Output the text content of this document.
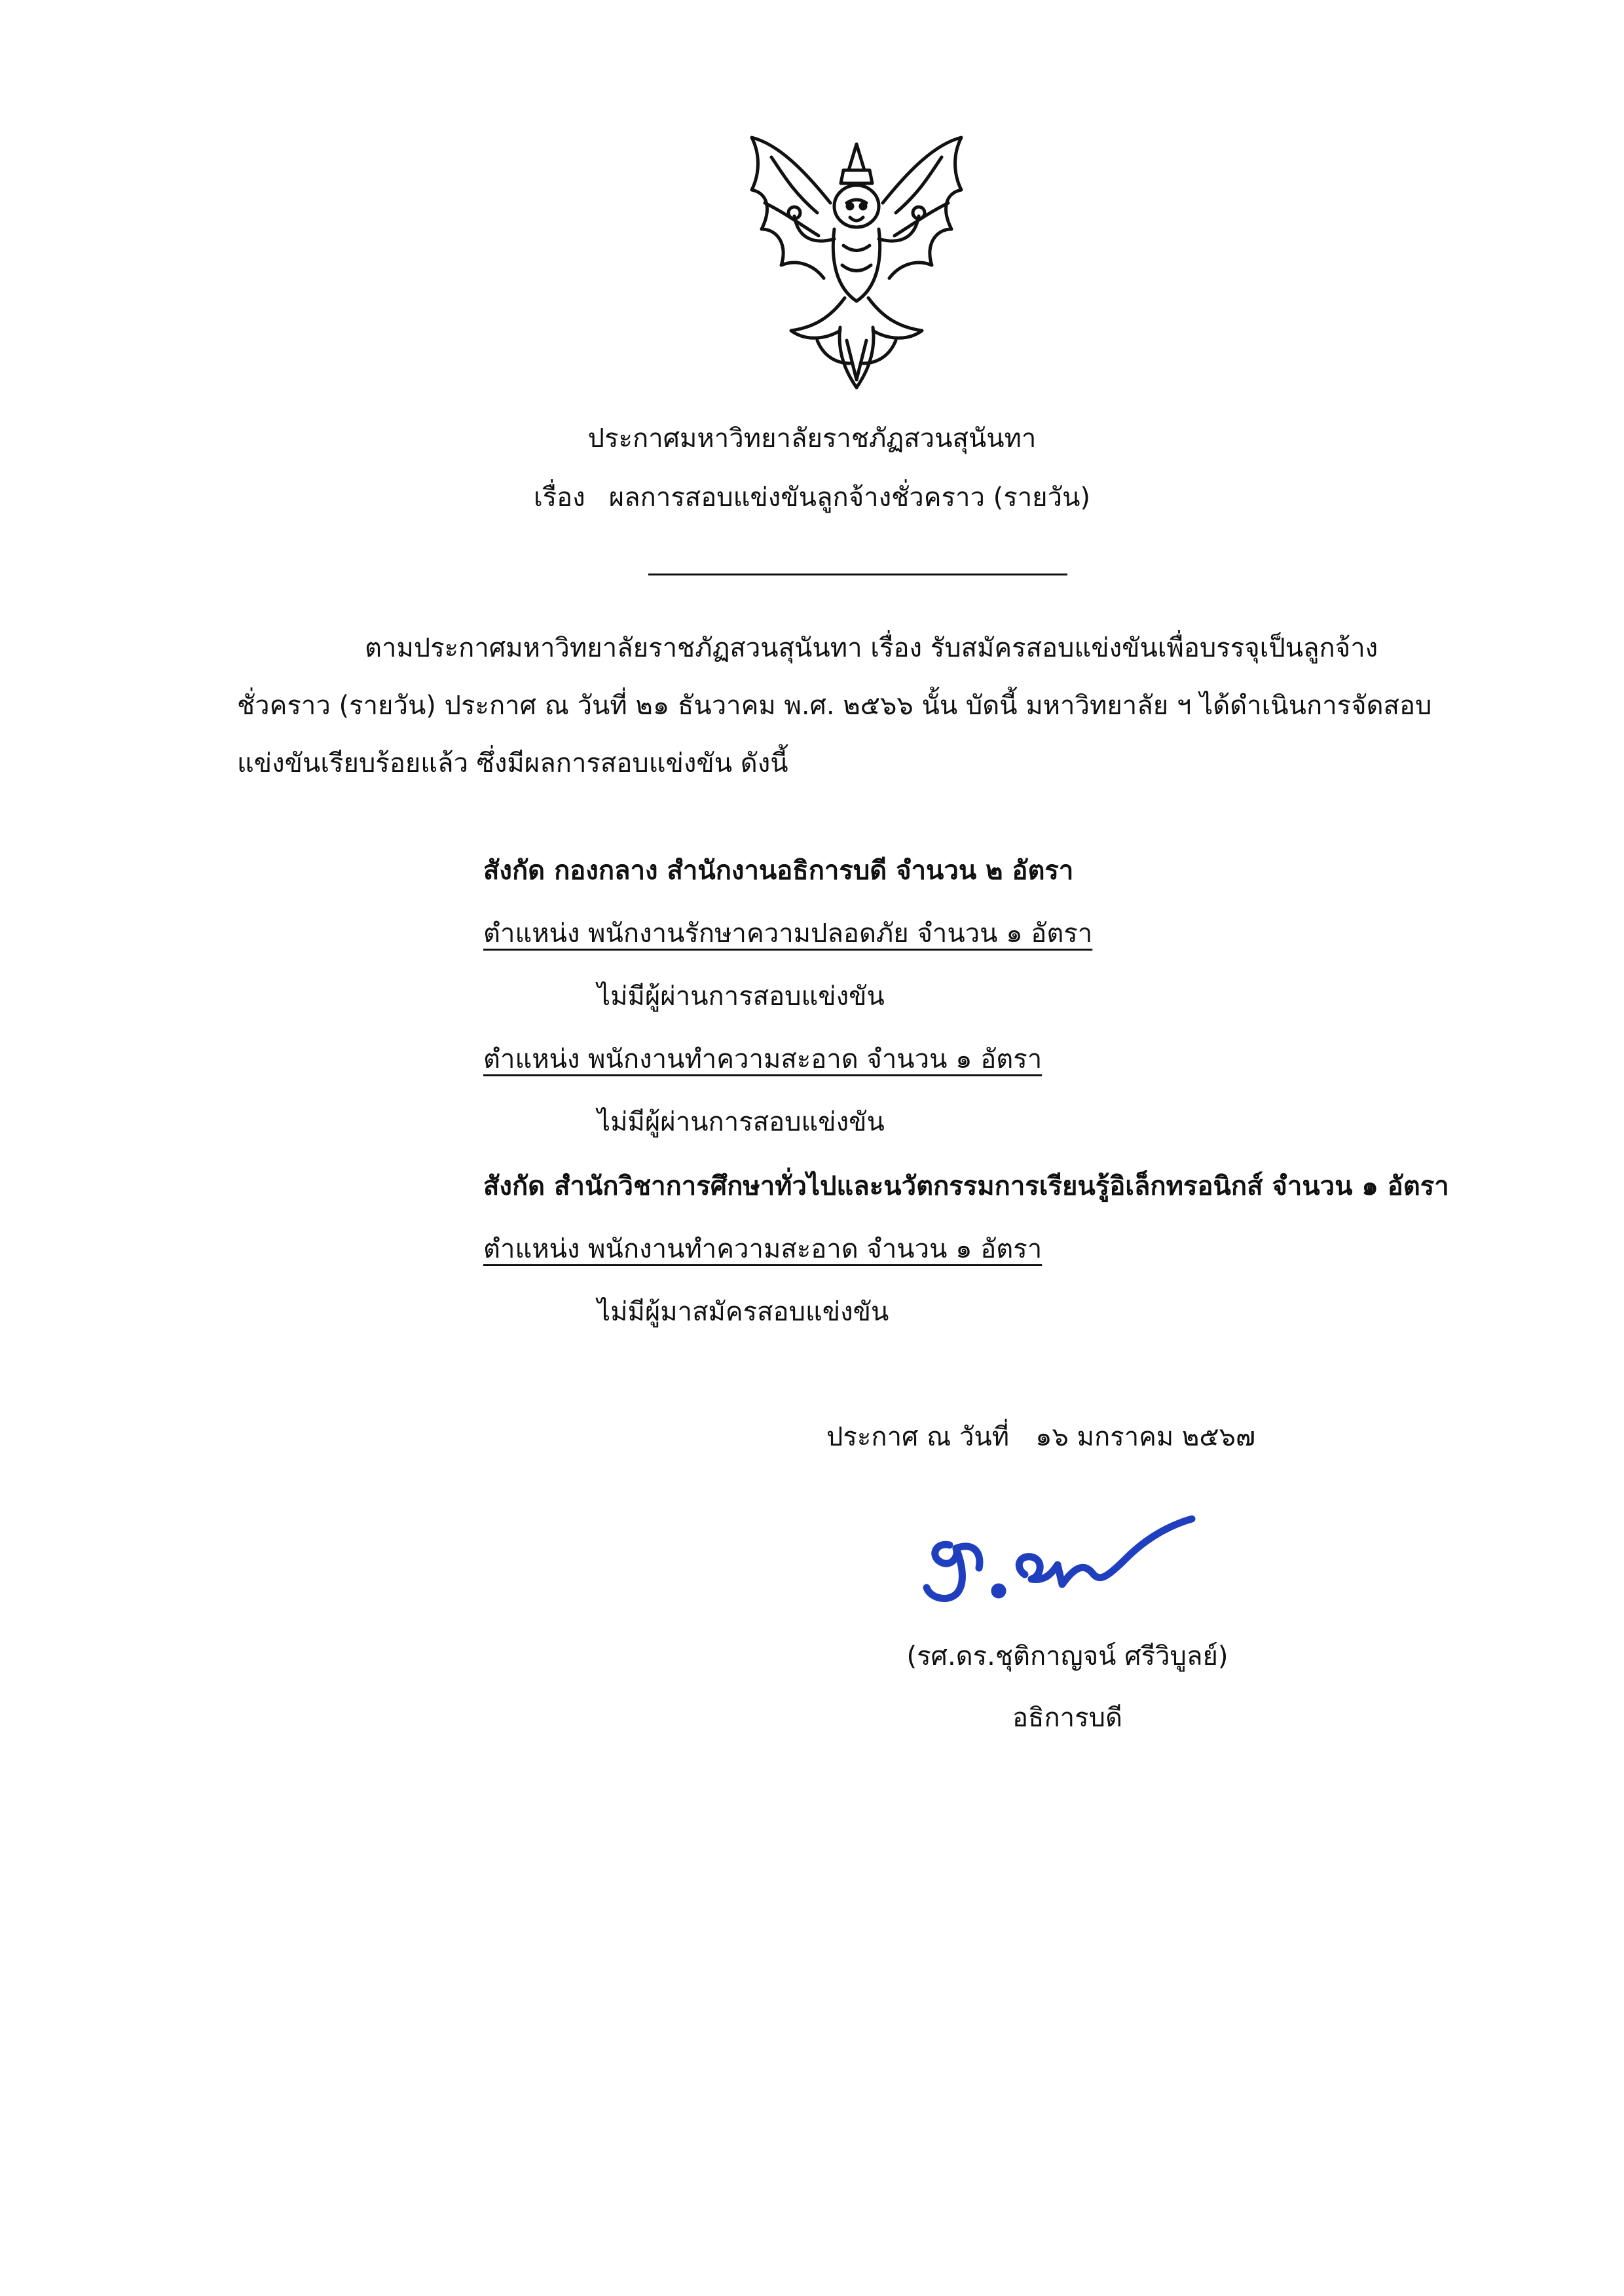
ประกาศมหาวิทยาลัยราชภัฏสวนสุนันทา
เรื่อง ผลการสอบแข่งขันลูกจ้างชั่วคราว (รายวัน)
ตามประกาศมหาวิทยาลัยราชภัฏสวนสุนันทา เรื่อง รับสมัครสอบแข่งขันเพื่อบรรจุเป็นลูกจ้าง
ชั่วคราว (รายวัน) ประกาศ ณ วันที่ ๒๑ ธันวาคม พ.ศ. ๒๕๖๖ นั้น บัดนี้ มหาวิทยาลัย ฯ ได้ดำเนินการจัดสอบ
แข่งขันเรียบร้อยแล้ว ซึ่งมีผลการสอบแข่งขัน ดังนี้
สังกัด กองกลาง สำนักงานอธิการบดี จำนวน ๒ อัตรา
ตำแหน่ง พนักงานรักษาความปลอดภัย จำนวน ๑ อัตรา
ไม่มีผู้ผ่านการสอบแข่งขัน
ตำแหน่ง พนักงานทำความสะอาด จำนวน ๑ อัตรา
ไม่มีผู้ผ่านการสอบแข่งขัน
สังกัด สำนักวิชาการศึกษาทั่วไปและนวัตกรรมการเรียนรู้อิเล็กทรอนิกส์ จำนวน ๑ อัตรา
ตำแหน่ง พนักงานทำความสะอาด จำนวน ๑ อัตรา
ไม่มีผู้มาสมัครสอบแข่งขัน
ประกาศ ณ วันที่ ๑๖ มกราคม ๒๕๖๗
(รศ.ดร.ชุติกาญจน์ ศรีวิบูลย์)
อธิการบดี
